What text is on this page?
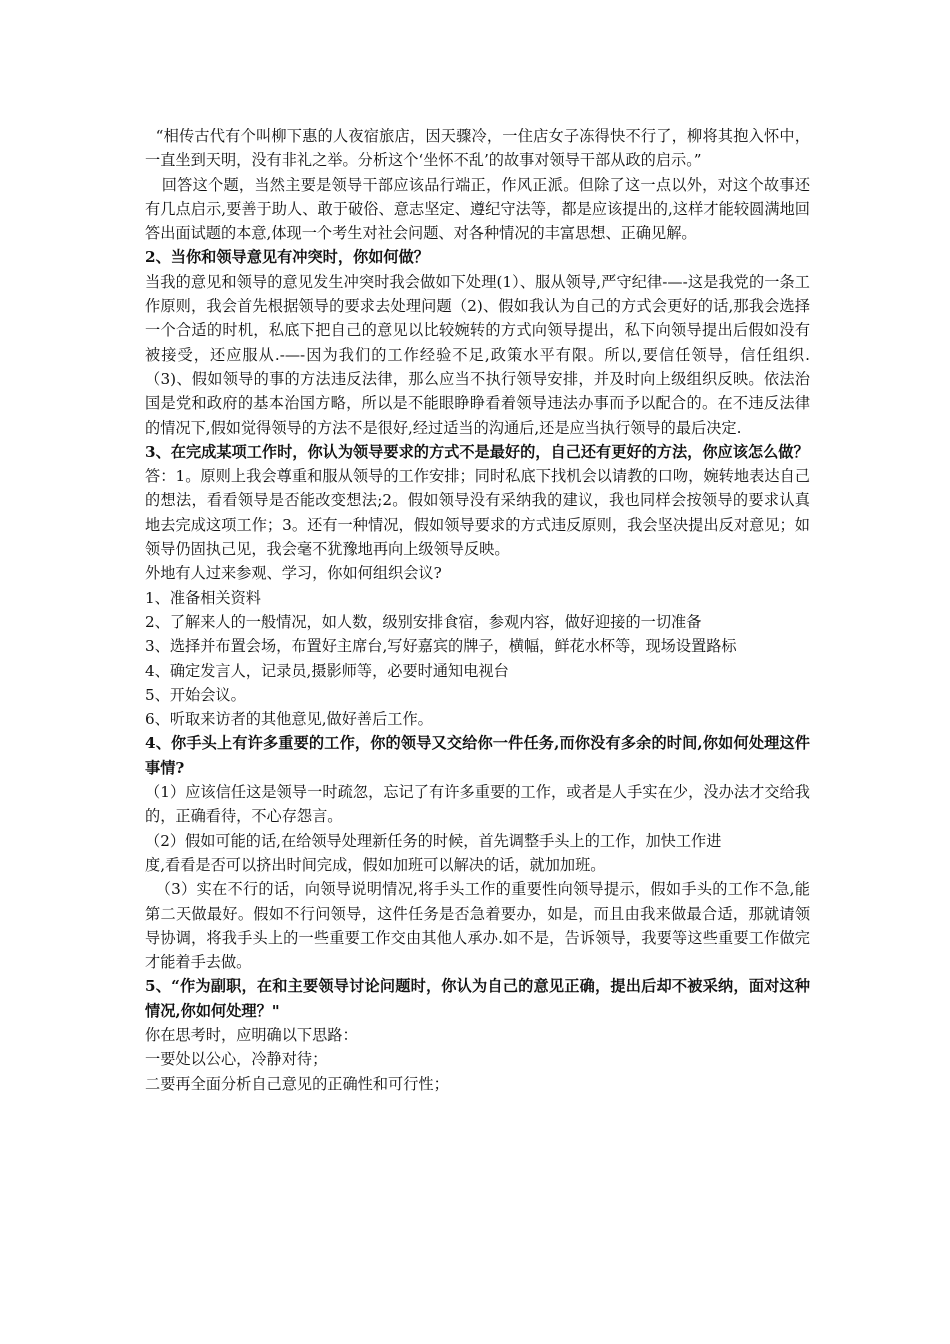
“相传古代有个叫柳下惠的人夜宿旅店，因天骤冷，一住店女子冻得快不行了，柳将其抱入怀中，一直坐到天明，没有非礼之举。分析这个‘坐怀不乱’的故事对领导干部从政的启示。”

回答这个题，当然主要是领导干部应该品行端正，作风正派。但除了这一点以外，对这个故事还有几点启示,要善于助人、敢于破俗、意志坚定、遵纪守法等，都是应该提出的,这样才能较圆满地回答出面试题的本意,体现一个考生对社会问题、对各种情况的丰富思想、正确见解。

2、当你和领导意见有冲突时，你如何做？

当我的意见和领导的意见发生冲突时我会做如下处理(1）、服从领导,严守纪律-—-这是我党的一条工作原则，我会首先根据领导的要求去处理问题（2)、假如我认为自己的方式会更好的话,那我会选择一个合适的时机，私底下把自己的意见以比较婉转的方式向领导提出，私下向领导提出后假如没有被接受，还应服从.-—-因为我们的工作经验不足,政策水平有限。所以,要信任领导，信任组织.（3)、假如领导的事的方法违反法律，那么应当不执行领导安排，并及时向上级组织反映。依法治国是党和政府的基本治国方略，所以是不能眼睁睁看着领导违法办事而予以配合的。在不违反法律的情况下,假如觉得领导的方法不是很好,经过适当的沟通后,还是应当执行领导的最后决定.

3、在完成某项工作时，你认为领导要求的方式不是最好的，自己还有更好的方法，你应该怎么做？

答：1。原则上我会尊重和服从领导的工作安排；同时私底下找机会以请教的口吻，婉转地表达自己的想法，看看领导是否能改变想法;2。假如领导没有采纳我的建议，我也同样会按领导的要求认真地去完成这项工作；3。还有一种情况，假如领导要求的方式违反原则，我会坚决提出反对意见；如领导仍固执己见，我会毫不犹豫地再向上级领导反映。

外地有人过来参观、学习，你如何组织会议?

1、准备相关资料

2、了解来人的一般情况，如人数，级别安排食宿，参观内容，做好迎接的一切准备

3、选择并布置会场，布置好主席台,写好嘉宾的牌子，横幅，鲜花水杯等，现场设置路标

4、确定发言人，记录员,摄影师等，必要时通知电视台

5、开始会议。

6、听取来访者的其他意见,做好善后工作。

4、你手头上有许多重要的工作，你的领导又交给你一件任务,而你没有多余的时间,你如何处理这件事情?

（1）应该信任这是领导一时疏忽，忘记了有许多重要的工作，或者是人手实在少，没办法才交给我的，正确看待，不心存怨言。

（2）假如可能的话,在给领导处理新任务的时候，首先调整手头上的工作，加快工作进

度,看看是否可以挤出时间完成，假如加班可以解决的话，就加加班。

（3）实在不行的话，向领导说明情况,将手头工作的重要性向领导提示，假如手头的工作不急,能第二天做最好。假如不行问领导，这件任务是否急着要办，如是，而且由我来做最合适，那就请领导协调，将我手头上的一些重要工作交由其他人承办.如不是，告诉领导，我要等这些重要工作做完才能着手去做。

5、“作为副职，在和主要领导讨论问题时，你认为自己的意见正确，提出后却不被采纳，面对这种情况,你如何处理？"

你在思考时，应明确以下思路：

一要处以公心，冷静对待；

二要再全面分析自己意见的正确性和可行性；
